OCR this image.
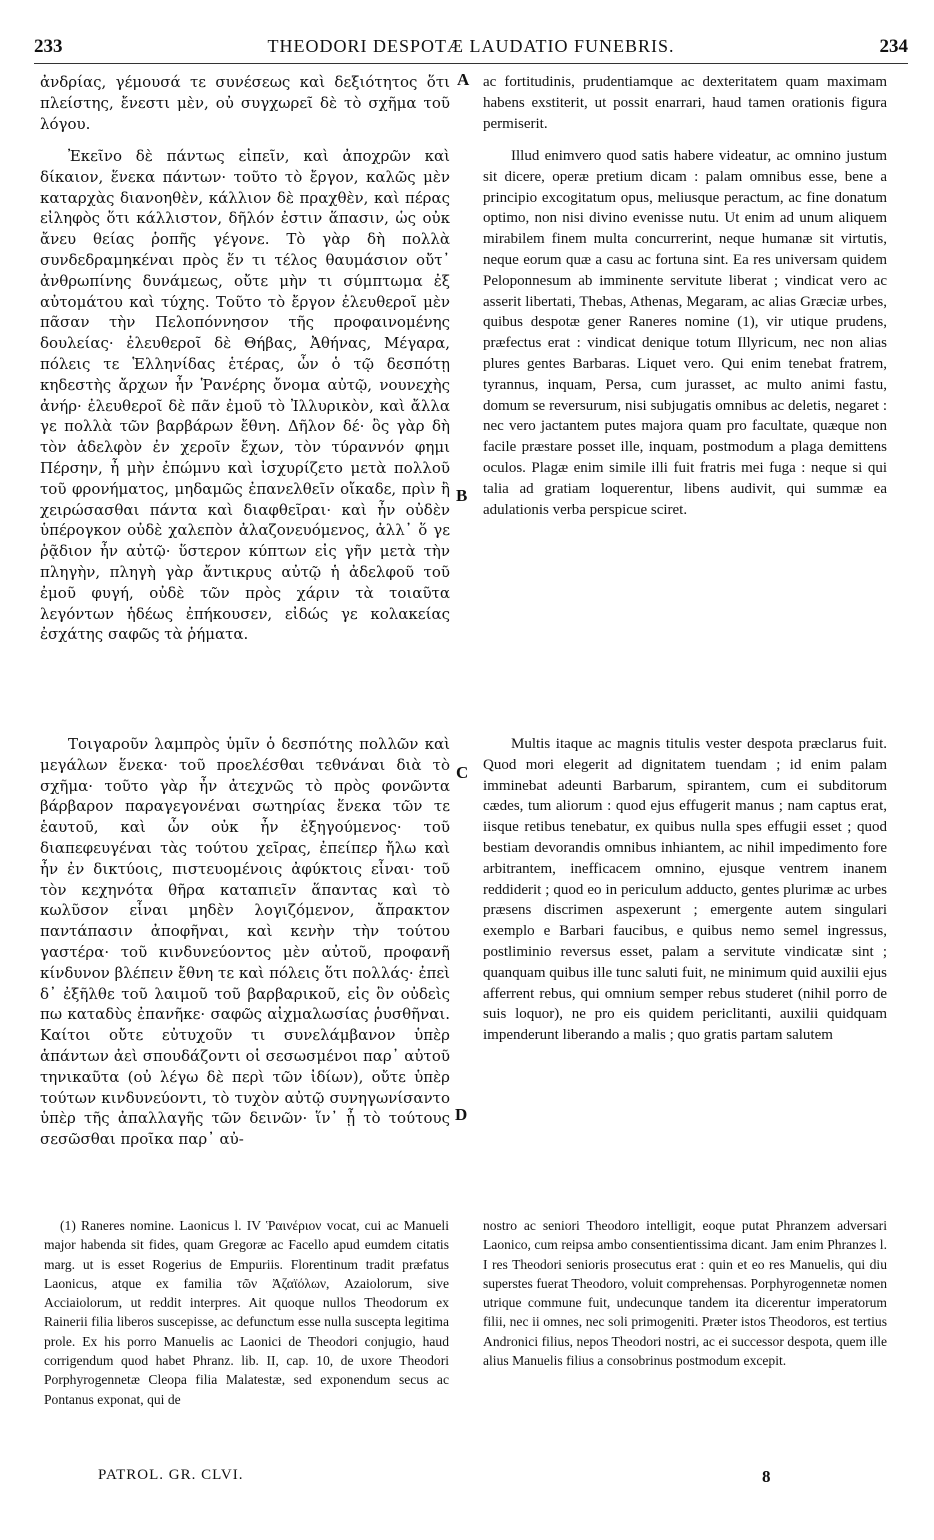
233	THEODORI DESPOTÆ LAUDATIO FUNEBRIS.	234

ἀνδρίας, γέμουσά τε συνέσεως καὶ δεξιότητος ὅτι πλείστης, ἔνεστι μὲν, οὐ συγχωρεῖ δὲ τὸ σχῆμα τοῦ λόγου.

Ἐκεῖνο δὲ πάντως εἰπεῖν, καὶ ἀποχρῶν καὶ δίκαιον, ἕνεκα πάντων· τοῦτο τὸ ἔργον, καλῶς μὲν καταρχὰς διανοηθὲν, κάλλιον δὲ πραχθὲν, καὶ πέρας εἰληφὸς ὅτι κάλλιστον, δῆλόν ἐστιν ἅπασιν, ὡς οὐκ ἄνευ θείας ῥοπῆς γέγονε. Τὸ γὰρ δὴ πολλὰ συνδεδραμηκέναι πρὸς ἕν τι τέλος θαυμάσιον οὔτ᾽ ἀνθρωπίνης δυνάμεως, οὔτε μὴν τι σύμπτωμα ἐξ αὐτομάτου καὶ τύχης. Τοῦτο τὸ ἔργον ἐλευθεροῖ μὲν πᾶσαν τὴν Πελοπόννησον τῆς προφαινομένης δουλείας· ἐλευθεροῖ δὲ Θήβας, Ἀθήνας, Μέγαρα, πόλεις τε Ἑλληνίδας ἑτέρας, ὧν ὁ τῷ δεσπότῃ κηδεστὴς ἄρχων ἦν Ῥανέρης ὄνομα αὐτῷ, νουνεχὴς ἀνήρ· ἐλευθεροῖ δὲ πᾶν ἐμοῦ τὸ Ἰλλυρικὸν, καὶ ἄλλα γε πολλὰ τῶν βαρβάρων ἔθνη. Δῆλον δέ· ὃς γὰρ δὴ τὸν ἀδελφὸν ἐν χεροῖν ἔχων, τὸν τύραννόν φημι Πέρσην, ἦ μὴν ἐπώμνυ καὶ ἰσχυρίζετο μετὰ πολλοῦ τοῦ φρονήματος, μηδαμῶς ἐπανελθεῖν οἴκαδε, πρὶν ἢ χειρώσασθαι πάντα καὶ διαφθεῖραι· καὶ ἦν οὐδὲν ὑπέρογκον οὐδὲ χαλεπὸν ἀλαζονευόμενος, ἀλλ᾽ ὅ γε ῥᾷδιον ἦν αὐτῷ· ὕστερον κύπτων εἰς γῆν μετὰ τὴν πληγὴν, πληγὴ γὰρ ἄντικρυς αὐτῷ ἡ ἀδελφοῦ τοῦ ἐμοῦ φυγή, οὐδὲ τῶν πρὸς χάριν τὰ τοιαῦτα λεγόντων ἡδέως ἐπήκουσεν, εἰδώς γε κολακείας ἐσχάτης σαφῶς τὰ ῥήματα.

Τοιγαροῦν λαμπρὸς ὑμῖν ὁ δεσπότης πολλῶν καὶ μεγάλων ἕνεκα· τοῦ προελέσθαι τεθνάναι διὰ τὸ σχῆμα· τοῦτο γὰρ ἦν ἀτεχνῶς τὸ πρὸς φονῶντα βάρβαρον παραγεγονέναι σωτηρίας ἕνεκα τῶν τε ἑαυτοῦ, καὶ ὧν οὐκ ἦν ἐξηγούμενος· τοῦ διαπεφευγέναι τὰς τούτου χεῖρας, ἐπείπερ ἤλω καὶ ἦν ἐν δικτύοις, πιστευομένοις ἀφύκτοις εἶναι· τοῦ τὸν κεχηνότα θῆρα καταπιεῖν ἅπαντας καὶ τὸ κωλῦσον εἶναι μηδὲν λογιζόμενον, ἄπρακτον παντάπασιν ἀποφῆναι, καὶ κενὴν τὴν τούτου γαστέρα· τοῦ κινδυνεύοντος μὲν αὐτοῦ, προφανῆ κίνδυνον βλέπειν ἔθνη τε καὶ πόλεις ὅτι πολλάς· ἐπεὶ δ᾽ ἐξῆλθε τοῦ λαιμοῦ τοῦ βαρβαρικοῦ, εἰς ὃν οὐδεὶς πω καταδὺς ἐπανῆκε· σαφῶς αἰχμαλωσίας ῥυσθῆναι. Καίτοι οὔτε εὐτυχοῦν τι συνελάμβανον ὑπὲρ ἁπάντων ἀεὶ σπουδάζοντι οἱ σεσωσμένοι παρ᾽ αὐτοῦ τηνικαῦτα (οὐ λέγω δὲ περὶ τῶν ἰδίων), οὔτε ὑπὲρ τούτων κινδυνεύοντι, τὸ τυχὸν αὐτῷ συνηγωνίσαντο ὑπὲρ τῆς ἀπαλλαγῆς τῶν δεινῶν· ἵν᾽ ᾖ τὸ τούτους σεσῶσθαι προῖκα παρ᾽ αὐ-

ac fortitudinis, prudentiamque ac dexteritatem quam maximam habens exstiterit, ut possit enarrari, haud tamen orationis figura permiserit.

Illud enimvero quod satis habere videatur, ac omnino justum sit dicere, operæ pretium dicam : palam omnibus esse, bene a principio excogitatum opus, meliusque peractum, ac fine donatum optimo, non nisi divino evenisse nutu. Ut enim ad unum aliquem mirabilem finem multa concurrerint, neque humanæ sit virtutis, neque eorum quæ a casu ac fortuna sint. Ea res universam quidem Peloponnesum ab imminente servitute liberat ; vindicat vero ac asserit libertati, Thebas, Athenas, Megaram, ac alias Græciæ urbes, quibus despotæ gener Raneres nomine (1), vir utique prudens, præfectus erat : vindicat denique totum Illyricum, nec non alias plures gentes Barbaras. Liquet vero. Qui enim tenebat fratrem, tyrannus, inquam, Persa, cum jurasset, ac multo animi fastu, domum se reversurum, nisi subjugatis omnibus ac deletis, negaret : nec vero jactantem putes majora quam pro facultate, quæque non facile præstare posset ille, inquam, postmodum a plaga demittens oculos. Plagæ enim simile illi fuit fratris mei fuga : neque si qui talia ad gratiam loquerentur, libens audivit, qui summæ ea adulationis verba perspicue sciret.

Multis itaque ac magnis titulis vester despota præclarus fuit. Quod mori elegerit ad dignitatem tuendam ; id enim palam imminebat adeunti Barbarum, spirantem, cum ei subditorum cædes, tum aliorum : quod ejus effugerit manus ; nam captus erat, iisque retibus tenebatur, ex quibus nulla spes effugii esset ; quod bestiam devorandis omnibus inhiantem, ac nihil impedimento fore arbitrantem, inefficacem omnino, ejusque ventrem inanem reddiderit ; quod eo in periculum adducto, gentes plurimæ ac urbes præsens discrimen aspexerunt ; emergente autem singulari exemplo e Barbari faucibus, e quibus nemo semel ingressus, postliminio reversus esset, palam a servitute vindicatæ sint ; quanquam quibus ille tunc saluti fuit, ne minimum quid auxilii ejus afferrent rebus, qui omnium semper rebus studeret (nihil porro de suis loquor), ne pro eis quidem periclitanti, auxilii quidquam impenderunt liberando a malis ; quo gratis partam salutem

A
B
C
D

(1) Raneres nomine. Laonicus l. IV Ῥαινέριον vocat, cui ac Manueli major habenda sit fides, quam Gregoræ ac Facello apud eumdem citatis marg. ut is esset Rogerius de Empuriis. Florentinum tradit præfatus Laonicus, atque ex familia τῶν Ἀζαϊόλων, Azaiolorum, sive Acciaiolorum, ut reddit interpres. Ait quoque nullos Theodorum ex Rainerii filia liberos suscepisse, ac defunctum esse nulla suscepta legitima prole. Ex his porro Manuelis ac Laonici de Theodori conjugio, haud corrigendum quod habet Phranz. lib. II, cap. 10, de uxore Theodori Porphyrogennetæ Cleopa filia Malatestæ, sed exponendum secus ac Pontanus exponat, qui de

nostro ac seniori Theodoro intelligit, eoque putat Phranzem adversari Laonico, cum reipsa ambo consentientissima dicant. Jam enim Phranzes l. I res Theodori senioris prosecutus erat : quin et eo res Manuelis, qui diu superstes fuerat Theodoro, voluit comprehensas. Porphyrogennetæ nomen utrique commune fuit, undecunque tandem ita dicerentur imperatorum filii, nec ii omnes, nec soli primogeniti. Præter istos Theodoros, est tertius Andronici filius, nepos Theodori nostri, ac ei successor despota, quem ille alius Manuelis filius a consobrinus postmodum excepit.

PATROL. GR. CLVI.	8
